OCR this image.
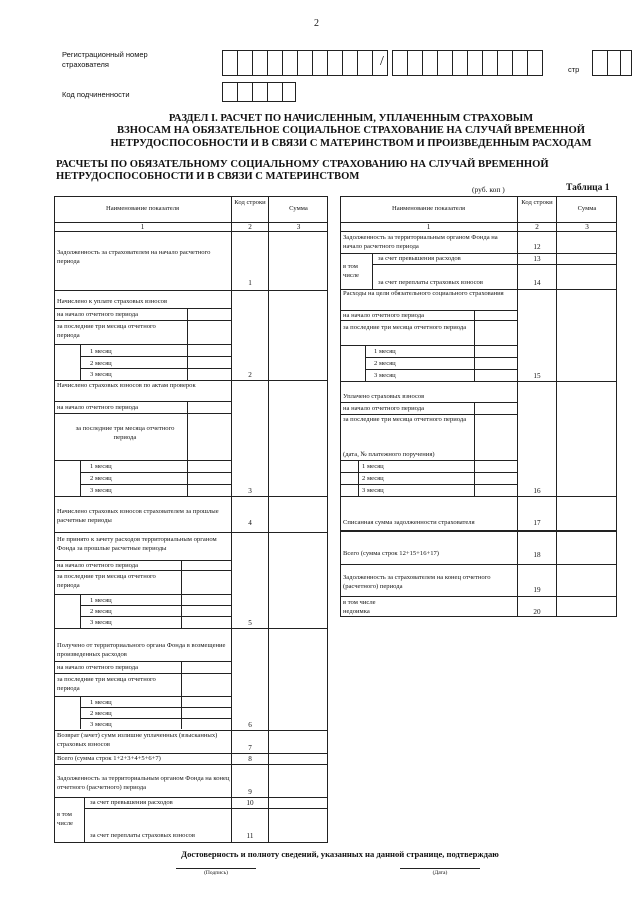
2
Регистрационный номер страхователя	/
стр
Код подчиненности
РАЗДЕЛ I. РАСЧЕТ ПО НАЧИСЛЕННЫМ, УПЛАЧЕННЫМ СТРАХОВЫМ
ВЗНОСАМ НА ОБЯЗАТЕЛЬНОЕ СОЦИАЛЬНОЕ СТРАХОВАНИЕ НА СЛУЧАЙ ВРЕМЕННОЙ
НЕТРУДОСПОСОБНОСТИ И В СВЯЗИ С МАТЕРИНСТВОМ И ПРОИЗВЕДЕННЫМ РАСХОДАМ
РАСЧЕТЫ ПО ОБЯЗАТЕЛЬНОМУ СОЦИАЛЬНОМУ СТРАХОВАНИЮ НА СЛУЧАЙ ВРЕМЕННОЙ
НЕТРУДОСПОСОБНОСТИ И В СВЯЗИ С МАТЕРИНСТВОМ
(руб. коп )	Таблица 1
Наименование показателя
Код строки
Сумма
1	2	3
Задолженность за страхователем на начало расчетного периода
1
Начислено к уплате страховых взносов
на начало отчетного периода
за последние три месяца отчетного периода
1 месяц
2 месяц
3 месяц	2
Начислено страховых взносов по актам проверок
на начало отчетного периода
за последние три месяца отчетного периода
1 месяц
2 месяц
3 месяц	3
Начислено страховых взносов страхователем за прошлые расчетные периоды	4
Не принято к зачету расходов территориальным органом Фонда за прошлые расчетные периоды
на начало отчетного периода
за последние три месяца отчетного периода
1 месяц
2 месяц
3 месяц	5
Получено от территориального органа Фонда в возмещение произведенных расходов
на начало отчетного периода
за последние три месяца отчетного периода
1 месяц
2 месяц
3 месяц	6
Возврат (зачет) сумм излишне уплаченных (взысканных) страховых взносов	7
Всего (сумма строк 1+2+3+4+5+6+7)	8
Задолженность за территориальным органом Фонда на конец отчетного (расчетного) периода
9
в том числе
за счет превышения расходов	10
за счет переплаты страховых взносов	11
Наименование показателя
Код строки
Сумма
1	2	3
Задолженность за территориальным органом Фонда на начало расчетного периода	12
в том числе
за счет превышения расходов	13
за счет переплаты страховых взносов	14
Расходы на цели обязательного социального страхования
на начало отчетного периода
за последние три месяца отчетного периода
1 месяц
2 месяц
3 месяц	15
Уплачено страховых взносов
на начало отчетного периода
за последние три месяца отчетного периода
(дата, № платежного поручения)
1 месяц
2 месяц
3 месяц	16
Списанная сумма задолженности страхователя	17
Всего (сумма строк 12+15+16+17)	18
Задолженность за страхователем на конец отчетного (расчетного) периода	19
в том числе
недоимка	20
Достоверность и полноту сведений, указанных на данной странице, подтверждаю
(Подпись)	(Дата)
